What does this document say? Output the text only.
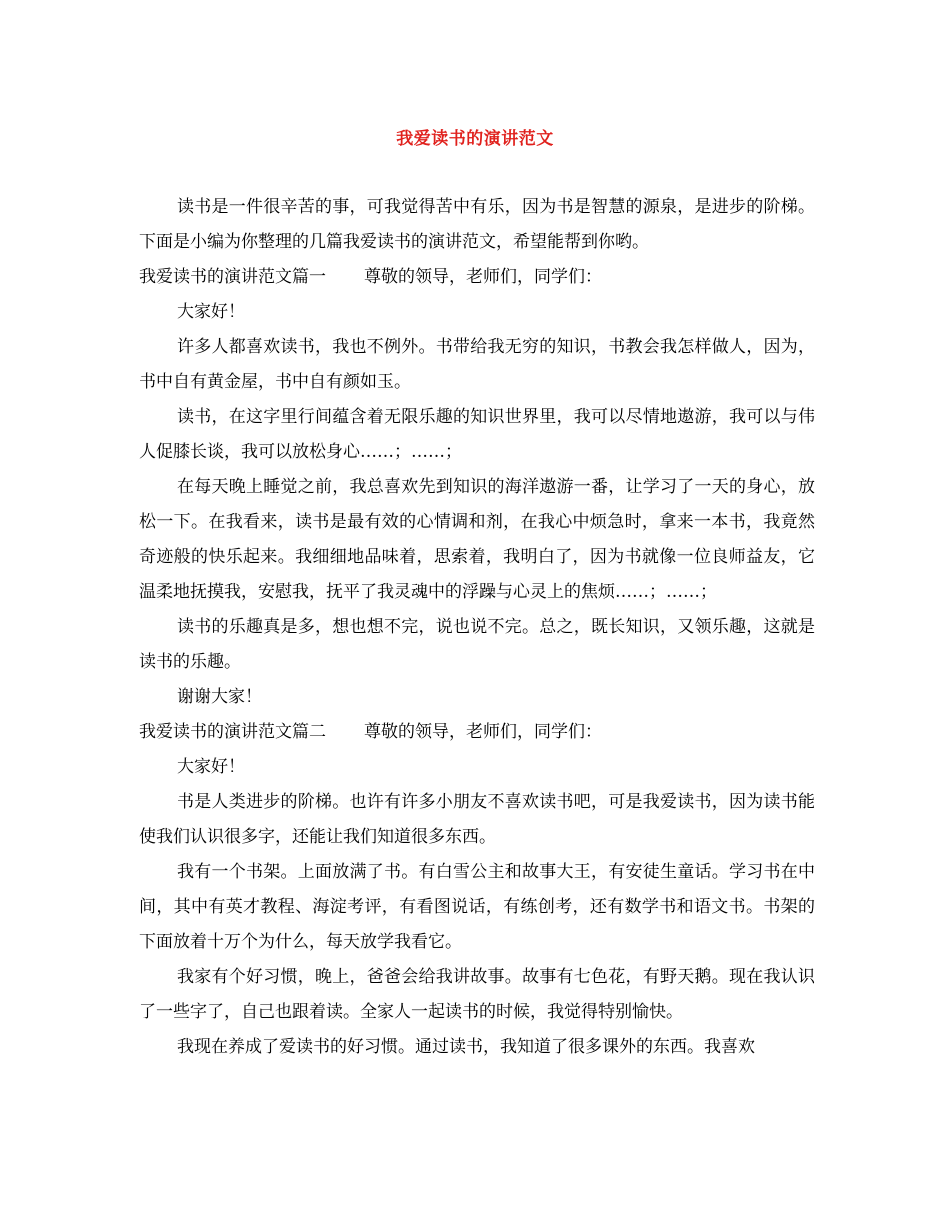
我爱读书的演讲范文

读书是一件很辛苦的事，可我觉得苦中有乐，因为书是智慧的源泉，是进步的阶梯。下面是小编为你整理的几篇我爱读书的演讲范文，希望能帮到你哟。

我爱读书的演讲范文篇一 尊敬的领导，老师们，同学们：

大家好！

许多人都喜欢读书，我也不例外。书带给我无穷的知识，书教会我怎样做人，因为，书中自有黄金屋，书中自有颜如玉。

读书，在这字里行间蕴含着无限乐趣的知识世界里，我可以尽情地遨游，我可以与伟人促膝长谈，我可以放松身心……；……；

在每天晚上睡觉之前，我总喜欢先到知识的海洋遨游一番，让学习了一天的身心，放松一下。在我看来，读书是最有效的心情调和剂，在我心中烦急时，拿来一本书，我竟然奇迹般的快乐起来。我细细地品味着，思索着，我明白了，因为书就像一位良师益友，它温柔地抚摸我，安慰我，抚平了我灵魂中的浮躁与心灵上的焦烦……；……；

读书的乐趣真是多，想也想不完，说也说不完。总之，既长知识，又领乐趣，这就是读书的乐趣。

谢谢大家！

我爱读书的演讲范文篇二 尊敬的领导，老师们，同学们：

大家好！

书是人类进步的阶梯。也许有许多小朋友不喜欢读书吧，可是我爱读书，因为读书能使我们认识很多字，还能让我们知道很多东西。

我有一个书架。上面放满了书。有白雪公主和故事大王，有安徒生童话。学习书在中间，其中有英才教程、海淀考评，有看图说话，有练创考，还有数学书和语文书。书架的下面放着十万个为什么，每天放学我看它。

我家有个好习惯，晚上，爸爸会给我讲故事。故事有七色花，有野天鹅。现在我认识了一些字了，自己也跟着读。全家人一起读书的时候，我觉得特别愉快。

我现在养成了爱读书的好习惯。通过读书，我知道了很多课外的东西。我喜欢
